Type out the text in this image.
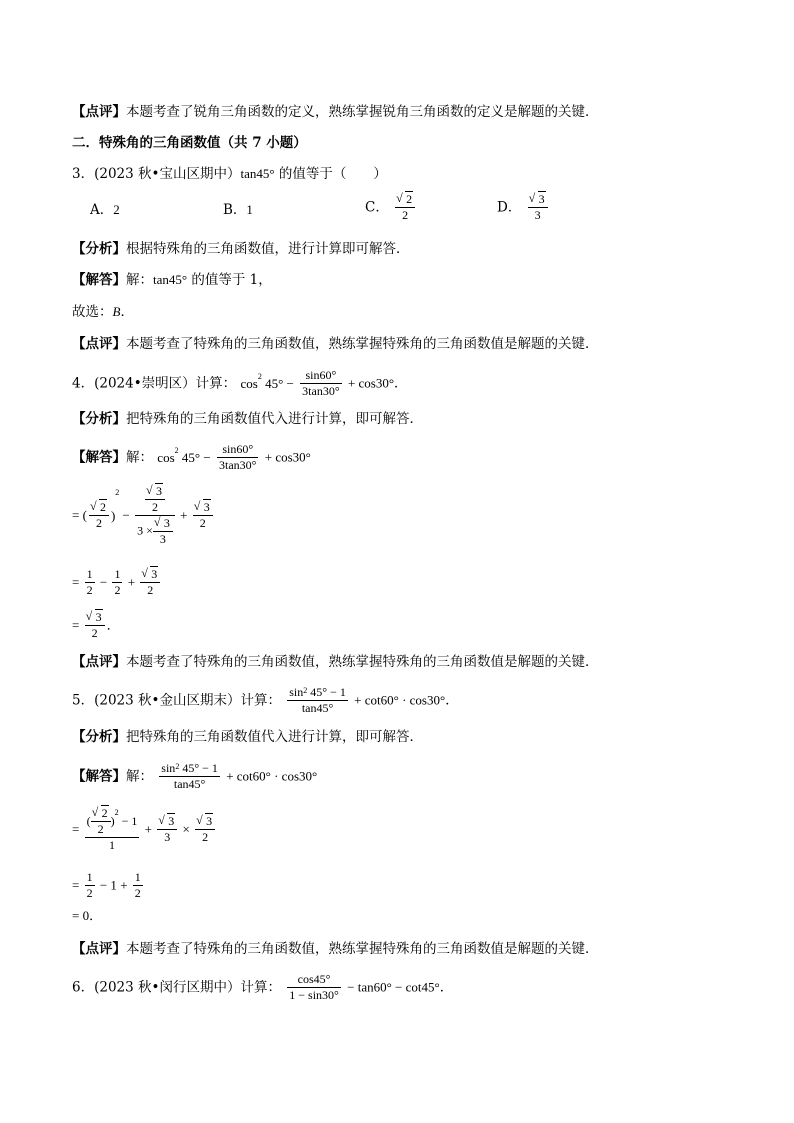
【点评】本题考查了锐角三角函数的定义，熟练掌握锐角三角函数的定义是解题的关键．
二．特殊角的三角函数值（共 7 小题）
3．(2023 秋•宝山区期中）tan45° 的值等于（　　）
A．2	B．1	C．
√ $\frac{2}{2}$	D．
√ $\frac{3}{3}$
【分析】根据特殊角的三角函数值，进行计算即可解答．
【解答】解：tan45° 的值等于 1，
故选：B．
【点评】本题考查了特殊角的三角函数值，熟练掌握特殊角的三角函数值是解题的关键．
4．(2024•崇明区）计算： $\cos^2 45^\circ - \frac{\sin 60^\circ}{3\tan 30^\circ} + \cos 30^\circ$．
【分析】把特殊角的三角函数值代入进行计算，即可解答．
【解答】解： $\cos^2 45^\circ - \frac{\sin 60^\circ}{3\tan 30^\circ} + \cos 30^\circ$
= (
√ $\frac{2}{2} )^2$ −
√ $\frac{3}{2}$
3 ×
√ $\frac{3}{3}$ +
√ $\frac{3}{2}$
= $\frac{1}{2} - \frac{1}{2}$ +
√ $\frac{3}{2}$
=
√ $\frac{3}{2}$ ．
【点评】本题考查了特殊角的三角函数值，熟练掌握特殊角的三角函数值是解题的关键．
5．(2023 秋•金山区期末）计算： $\frac{\sin^2 45^\circ - 1}{\tan 45^\circ} + \cot 60^\circ \cdot \cos 30^\circ$．
【分析】把特殊角的三角函数值代入进行计算，即可解答．
【解答】解： $\frac{\sin^2 45^\circ - 1}{\tan 45^\circ} + \cot 60^\circ \cdot \cos 30^\circ$
= (
√ $\frac{2}{2} )^2 - 1$
1 +
√ $\frac{3}{3}$ ×
√ $\frac{3}{2}$
= $\frac{1}{2} - 1 + \frac{1}{2}$
= 0．
【点评】本题考查了特殊角的三角函数值，熟练掌握特殊角的三角函数值是解题的关键．
6．(2023 秋•闵行区期中）计算： $\frac{\cos 45^\circ}{1 - \sin 30^\circ} - \tan 60^\circ - \cot 45^\circ$．
